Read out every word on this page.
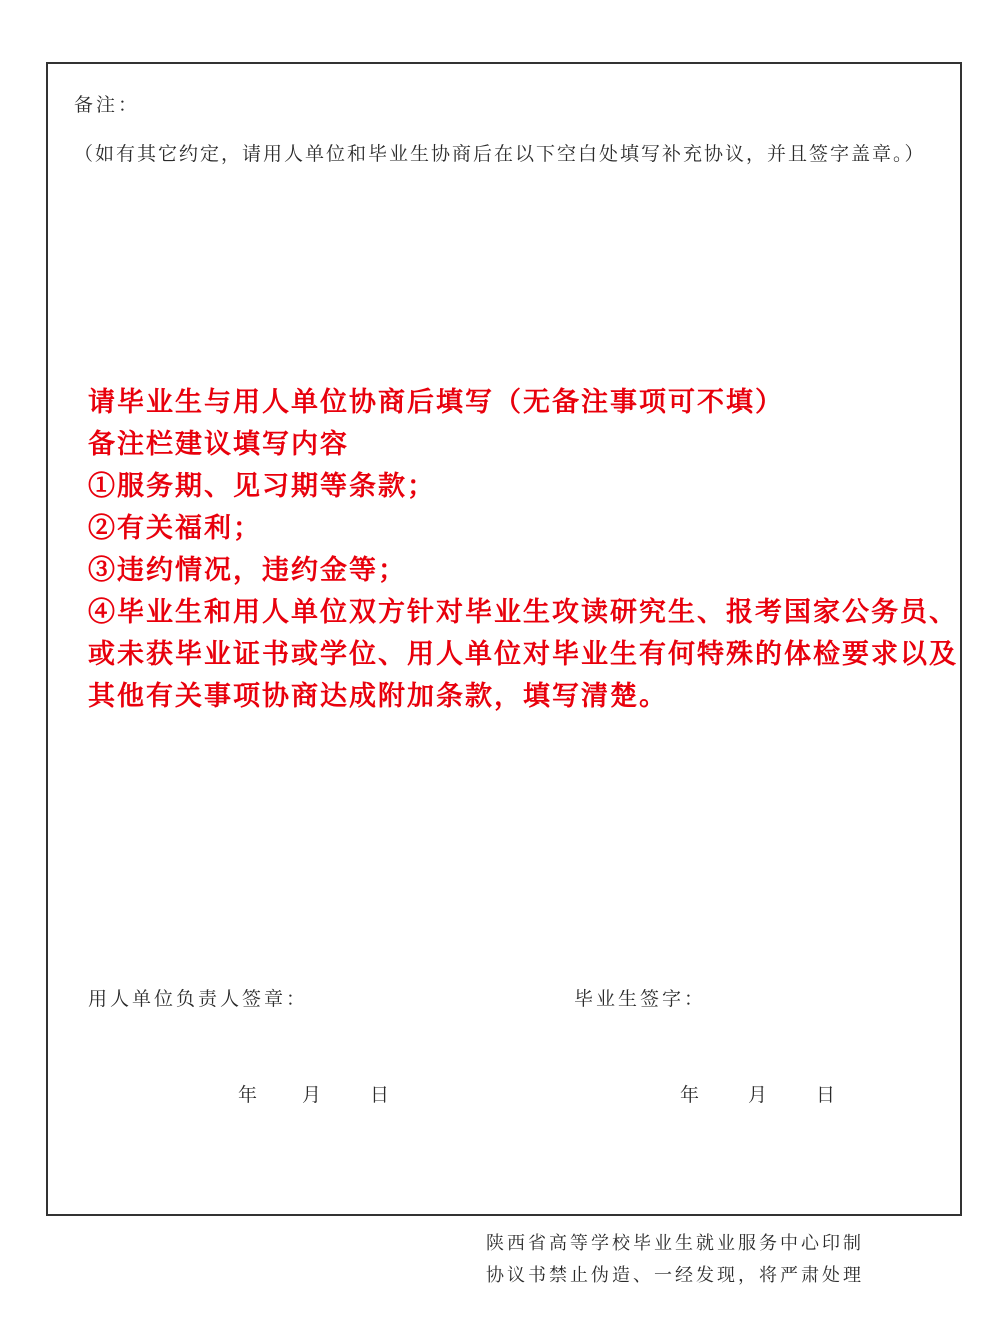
备注：
（如有其它约定，请用人单位和毕业生协商后在以下空白处填写补充协议，并且签字盖章。）
请毕业生与用人单位协商后填写（无备注事项可不填）
备注栏建议填写内容
①服务期、见习期等条款；
②有关福利；
③违约情况，违约金等；
④毕业生和用人单位双方针对毕业生攻读研究生、报考国家公务员、或未获毕业证书或学位、用人单位对毕业生有何特殊的体检要求以及其他有关事项协商达成附加条款，填写清楚。
用人单位负责人签章：	毕业生签字：
年 月	日	年	月	日
陕西省高等学校毕业生就业服务中心印制
协议书禁止伪造、一经发现，将严肃处理
